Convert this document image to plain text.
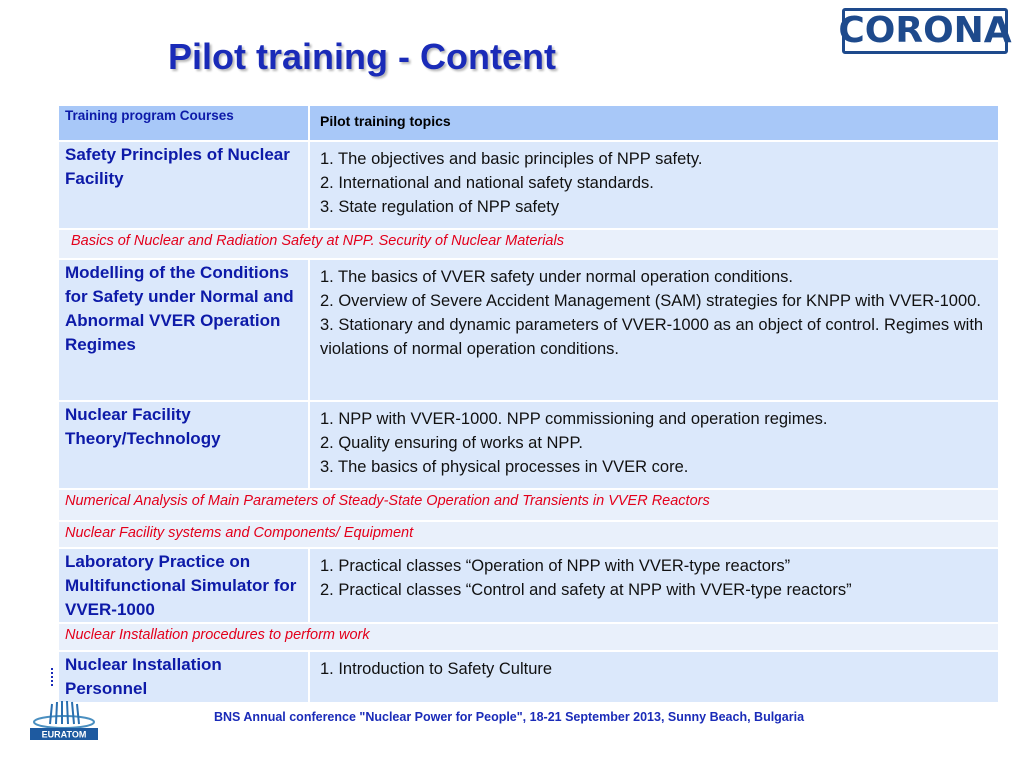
Pilot training - Content
CORONA
Training program Courses	Pilot training topics

Safety Principles of Nuclear Facility	1. The objectives and basic principles of NPP safety.
2. International and national safety standards.
3. State regulation of NPP safety

Basics of Nuclear and Radiation Safety at NPP. Security of Nuclear Materials	

Modelling of the Conditions for Safety under Normal and Abnormal VVER Operation Regimes	1. The basics of VVER safety under normal operation conditions.
2. Overview of Severe Accident Management (SAM) strategies for KNPP with VVER-1000.
3. Stationary and dynamic parameters of VVER-1000 as an object of control. Regimes with violations of normal operation conditions.

Nuclear Facility Theory/Technology	1. NPP with VVER-1000. NPP commissioning and operation regimes.
2. Quality ensuring of works at NPP.
3. The basics of physical processes in VVER core.

Numerical Analysis of Main Parameters of Steady-State Operation and Transients in VVER Reactors	

Nuclear Facility systems and Components/ Equipment	

Laboratory Practice on Multifunctional Simulator for VVER-1000	1. Practical classes “Operation of NPP with VVER-type reactors”
2. Practical classes “Control and safety at NPP with VVER-type reactors”

Nuclear Installation procedures to perform work	

Nuclear Installation Personnel	1. Introduction to Safety Culture
EURATOM
BNS Annual conference "Nuclear Power for People", 18-21 September 2013, Sunny Beach, Bulgaria
